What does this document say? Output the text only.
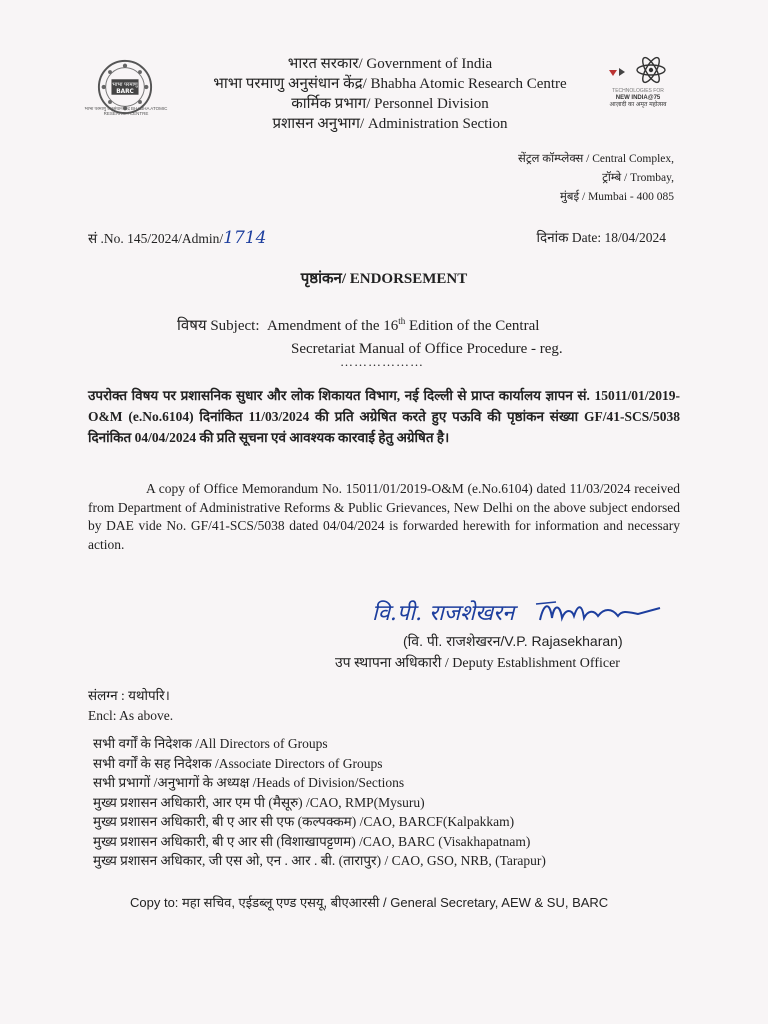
भारत सरकार/ Government of India
भाभा परमाणु अनुसंधान केंद्र/ Bhabha Atomic Research Centre
कार्मिक प्रभाग/ Personnel Division
प्रशासन अनुभाग/ Administration Section
भाभा परमाणु
BARC
भाभा परमाणु अनुसंधान केंद्र BHABHA ATOMIC RESEARCH CENTRE
TECHNOLOGIES FOR
NEW INDIA@75
आज़ादी का अमृत महोत्सव
सेंट्रल कॉम्प्लेक्स / Central Complex,
ट्रॉम्बे / Trombay,
मुंबई / Mumbai - 400 085
सं .No. 145/2024/Admin/1714	दिनांक Date: 18/04/2024
पृष्ठांकन/ ENDORSEMENT
विषय Subject: Amendment of the 16th Edition of the Central
Secretariat Manual of Office Procedure - reg.
………………
उपरोक्त विषय पर प्रशासनिक सुधार और लोक शिकायत विभाग, नई दिल्ली से प्राप्त कार्यालय ज्ञापन सं. 15011/01/2019-O&M (e.No.6104) दिनांकित 11/03/2024 की प्रति अग्रेषित करते हुए पऊवि की पृष्ठांकन संख्या GF/41-SCS/5038 दिनांकित 04/04/2024 की प्रति सूचना एवं आवश्यक कारवाई हेतु अग्रेषित है।
A copy of Office Memorandum No. 15011/01/2019-O&M (e.No.6104) dated 11/03/2024 received from Department of Administrative Reforms & Public Grievances, New Delhi on the above subject endorsed by DAE vide No. GF/41-SCS/5038 dated 04/04/2024 is forwarded herewith for information and necessary action.
वि.पी. राजशेखरन
(वि. पी. राजशेखरन/V.P. Rajasekharan)
उप स्थापना अधिकारी / Deputy Establishment Officer
संलग्न : यथोपरि।
Encl: As above.
सभी वर्गों के निदेशक /All Directors of Groups
सभी वर्गों के सह निदेशक /Associate Directors of Groups
सभी प्रभागों /अनुभागों के अध्यक्ष /Heads of Division/Sections
मुख्य प्रशासन अधिकारी, आर एम पी (मैसूरु) /CAO, RMP(Mysuru)
मुख्य प्रशासन अधिकारी, बी ए आर सी एफ (कल्पक्कम) /CAO, BARCF(Kalpakkam)
मुख्य प्रशासन अधिकारी, बी ए आर सी (विशाखापट्टणम) /CAO, BARC (Visakhapatnam)
मुख्य प्रशासन अधिकार, जी एस ओ, एन . आर . बी. (तारापुर) / CAO, GSO, NRB, (Tarapur)
Copy to: महा सचिव, एईडब्लू एण्ड एसयू, बीएआरसी / General Secretary, AEW & SU, BARC
